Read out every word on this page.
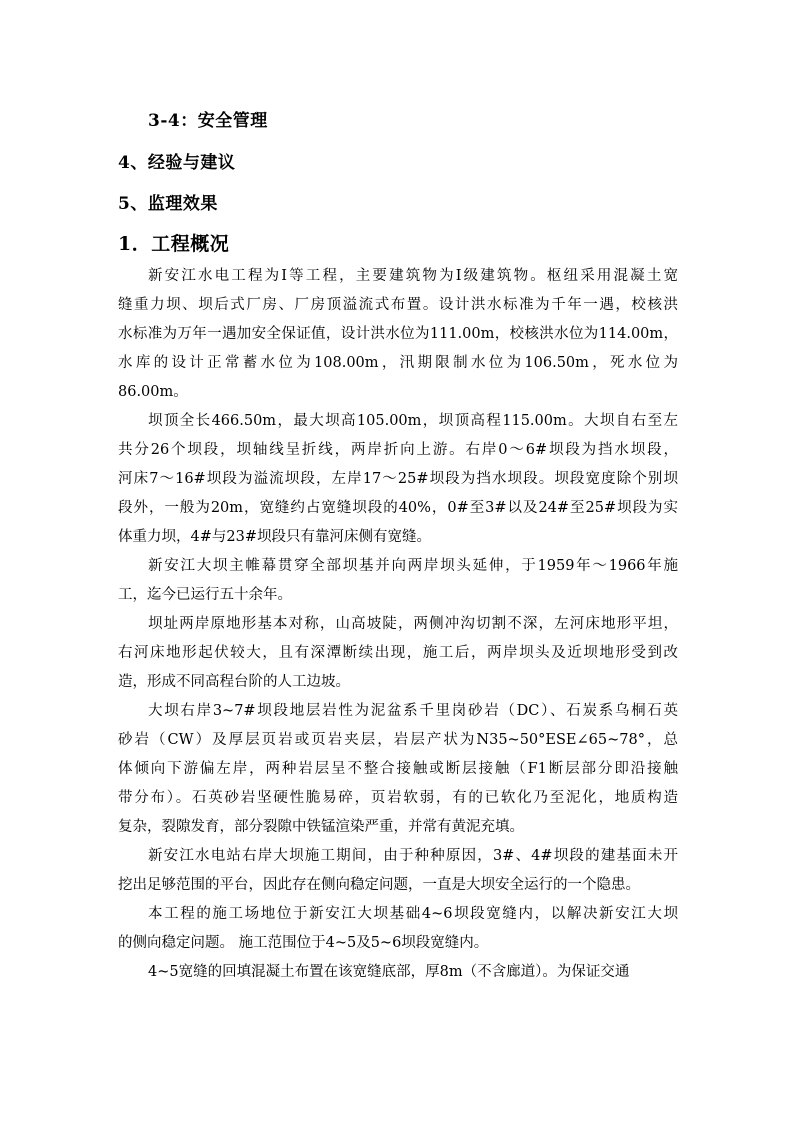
3-4：安全管理
4、经验与建议
5、监理效果
1．工程概况
新安江水电工程为Ⅰ等工程，主要建筑物为Ⅰ级建筑物。枢纽采用混凝土宽
缝重力坝、坝后式厂房、厂房顶溢流式布置。设计洪水标准为千年一遇，校核洪
水标准为万年一遇加安全保证值，设计洪水位为111.00m，校核洪水位为114.00m，
水库的设计正常蓄水位为108.00m，汛期限制水位为106.50m，死水位为
86.00m。
坝顶全长466.50m，最大坝高105.00m，坝顶高程115.00m。大坝自右至左
共分26个坝段，坝轴线呈折线，两岸折向上游。右岸0～6#坝段为挡水坝段，
河床7～16#坝段为溢流坝段，左岸17～25#坝段为挡水坝段。坝段宽度除个别坝
段外，一般为20m，宽缝约占宽缝坝段的40%，0#至3#以及24#至25#坝段为实
体重力坝，4#与23#坝段只有靠河床侧有宽缝。
新安江大坝主帷幕贯穿全部坝基并向两岸坝头延伸，于1959年～1966年施
工，迄今已运行五十余年。
坝址两岸原地形基本对称，山高坡陡，两侧冲沟切割不深，左河床地形平坦，
右河床地形起伏较大，且有深潭断续出现，施工后，两岸坝头及近坝地形受到改
造，形成不同高程台阶的人工边坡。
大坝右岸3~7#坝段地层岩性为泥盆系千里岗砂岩（DC）、石炭系乌桐石英
砂岩（CW）及厚层页岩或页岩夹层，岩层产状为N35~50°ESE∠65~78°，总
体倾向下游偏左岸，两种岩层呈不整合接触或断层接触（F1断层部分即沿接触
带分布）。石英砂岩坚硬性脆易碎，页岩软弱，有的已软化乃至泥化，地质构造
复杂，裂隙发育，部分裂隙中铁锰渲染严重，并常有黄泥充填。
新安江水电站右岸大坝施工期间，由于种种原因，3#、4#坝段的建基面未开
挖出足够范围的平台，因此存在侧向稳定问题，一直是大坝安全运行的一个隐患。
本工程的施工场地位于新安江大坝基础4~6坝段宽缝内，以解决新安江大坝
的侧向稳定问题。 施工范围位于4~5及5~6坝段宽缝内。
4~5宽缝的回填混凝土布置在该宽缝底部，厚8m（不含廊道）。为保证交通
